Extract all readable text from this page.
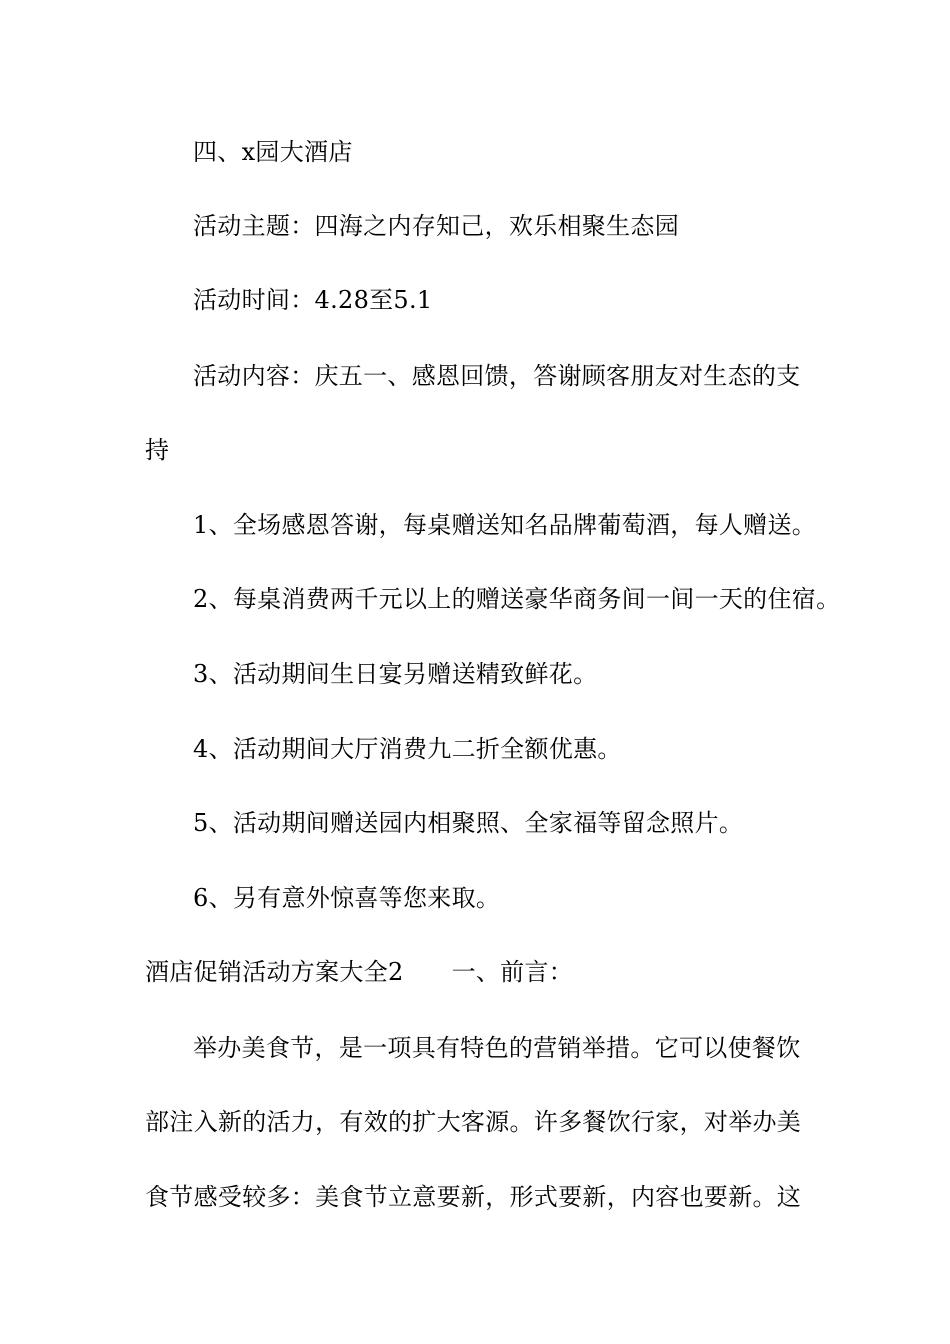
四、x园大酒店
活动主题：四海之内存知己，欢乐相聚生态园
活动时间：4.28至5.1
活动内容：庆五一、感恩回馈，答谢顾客朋友对生态的支
持
1、全场感恩答谢，每桌赠送知名品牌葡萄酒，每人赠送。
2、每桌消费两千元以上的赠送豪华商务间一间一天的住宿。
3、活动期间生日宴另赠送精致鲜花。
4、活动期间大厅消费九二折全额优惠。
5、活动期间赠送园内相聚照、全家福等留念照片。
6、另有意外惊喜等您来取。
酒店促销活动方案大全2 一、前言：
举办美食节，是一项具有特色的营销举措。它可以使餐饮
部注入新的活力，有效的扩大客源。许多餐饮行家，对举办美
食节感受较多：美食节立意要新，形式要新，内容也要新。这
